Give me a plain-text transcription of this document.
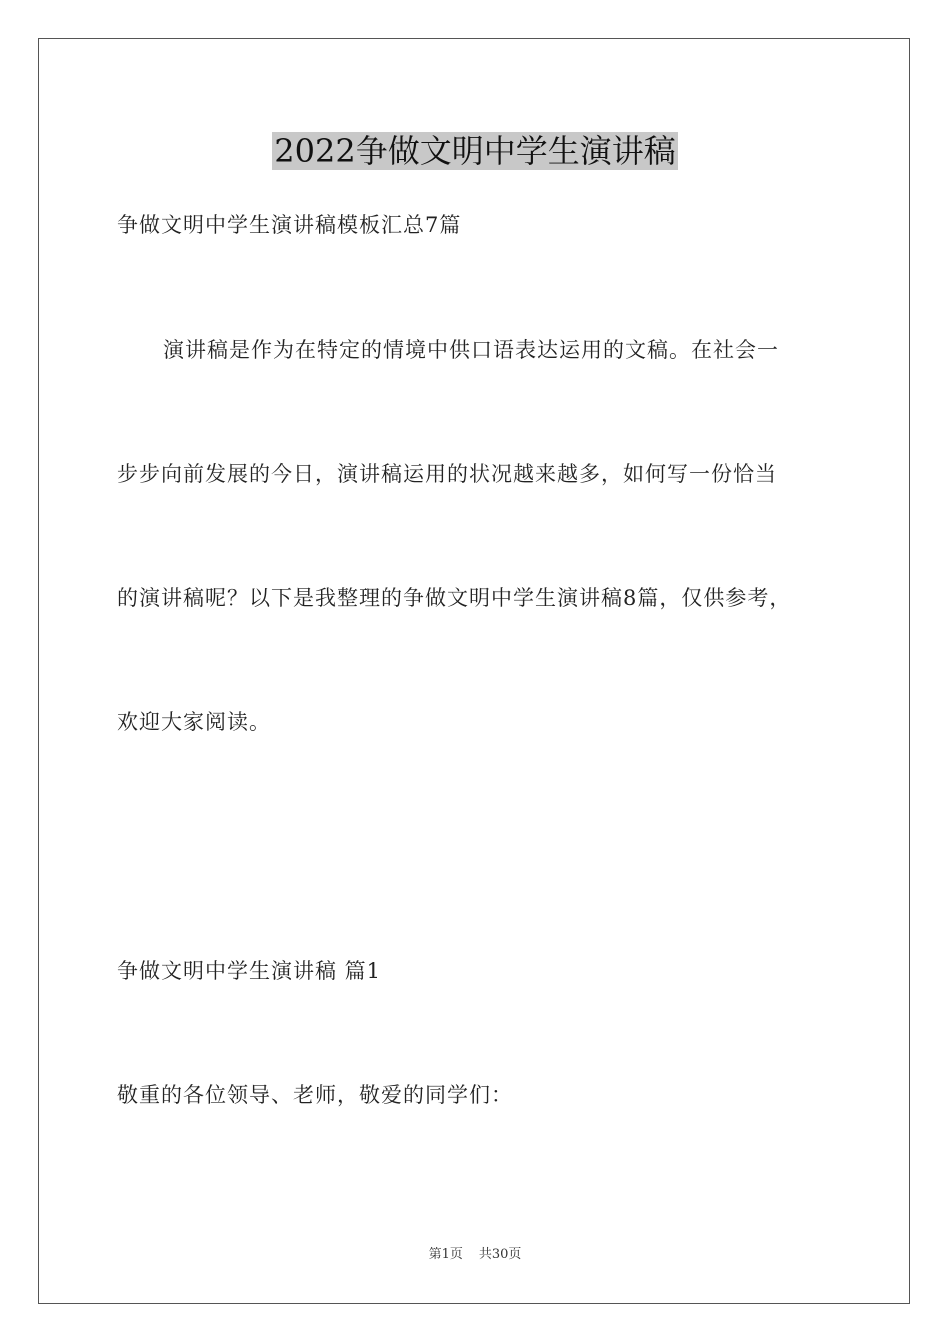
2022争做文明中学生演讲稿
争做文明中学生演讲稿模板汇总7篇
演讲稿是作为在特定的情境中供口语表达运用的文稿。在社会一
步步向前发展的今日，演讲稿运用的状况越来越多，如何写一份恰当
的演讲稿呢？以下是我整理的争做文明中学生演讲稿8篇，仅供参考，
欢迎大家阅读。
争做文明中学生演讲稿 篇1
敬重的各位领导、老师，敬爱的同学们：
第1页 共30页
